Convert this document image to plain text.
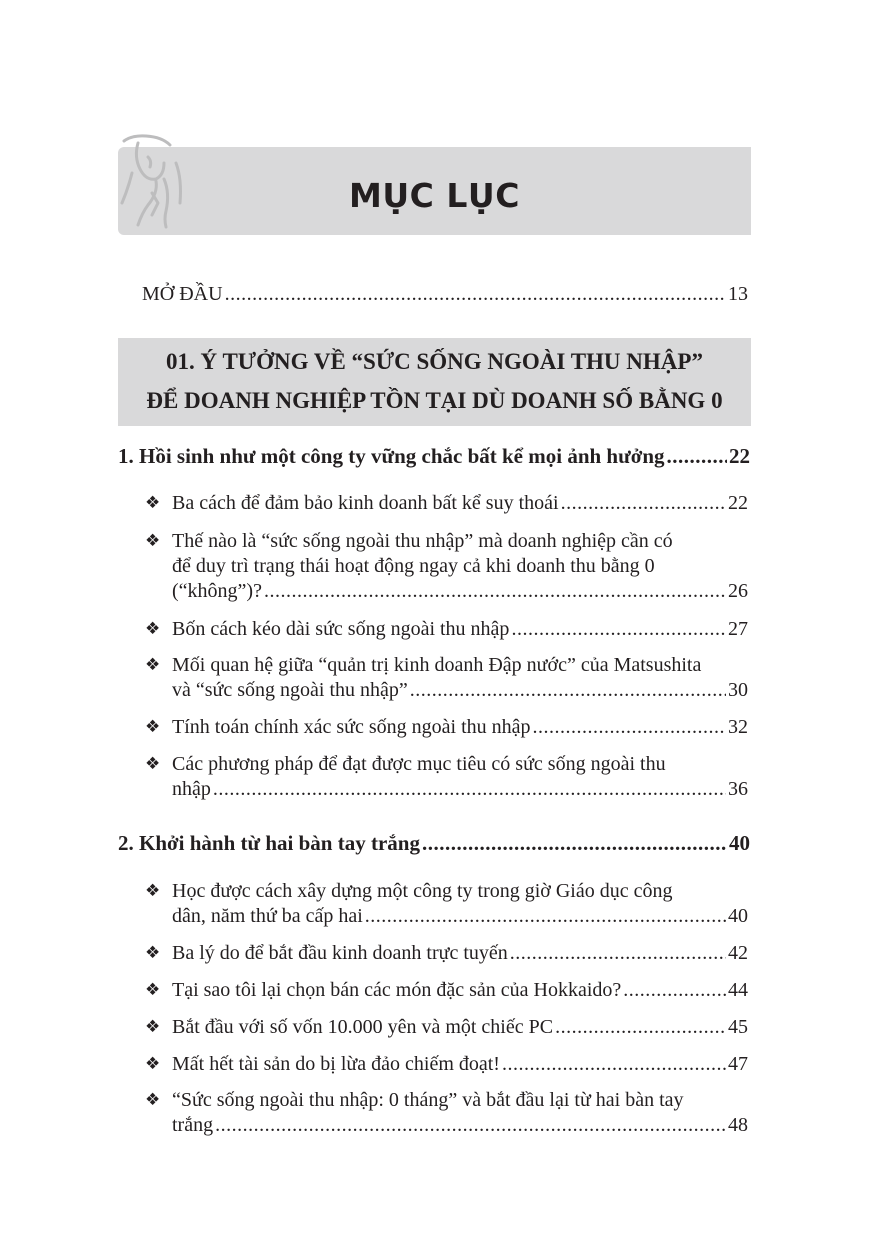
MỤC LỤC
MỞ ĐẦU .....	13
01. Ý TƯỞNG VỀ “SỨC SỐNG NGOÀI THU NHẬP”
ĐỂ DOANH NGHIỆP TỒN TẠI DÙ DOANH SỐ BẰNG 0
1. Hồi sinh như một công ty vững chắc bất kể mọi ảnh hưởng .....	22
❖ Ba cách để đảm bảo kinh doanh bất kể suy thoái .....	22
❖ Thế nào là “sức sống ngoài thu nhập” mà doanh nghiệp cần có
để duy trì trạng thái hoạt động ngay cả khi doanh thu bằng 0
(“không”)? .....	26
❖ Bốn cách kéo dài sức sống ngoài thu nhập .....	27
❖ Mối quan hệ giữa “quản trị kinh doanh Đập nước” của Matsushita
và “sức sống ngoài thu nhập” .....	30
❖ Tính toán chính xác sức sống ngoài thu nhập .....	32
❖ Các phương pháp để đạt được mục tiêu có sức sống ngoài thu
nhập .....	36
2. Khởi hành từ hai bàn tay trắng .....	40
❖ Học được cách xây dựng một công ty trong giờ Giáo dục công
dân, năm thứ ba cấp hai .....	40
❖ Ba lý do để bắt đầu kinh doanh trực tuyến .....	42
❖ Tại sao tôi lại chọn bán các món đặc sản của Hokkaido? .....	44
❖ Bắt đầu với số vốn 10.000 yên và một chiếc PC .....	45
❖ Mất hết tài sản do bị lừa đảo chiếm đoạt! .....	47
❖ “Sức sống ngoài thu nhập: 0 tháng” và bắt đầu lại từ hai bàn tay
trắng .....	48
